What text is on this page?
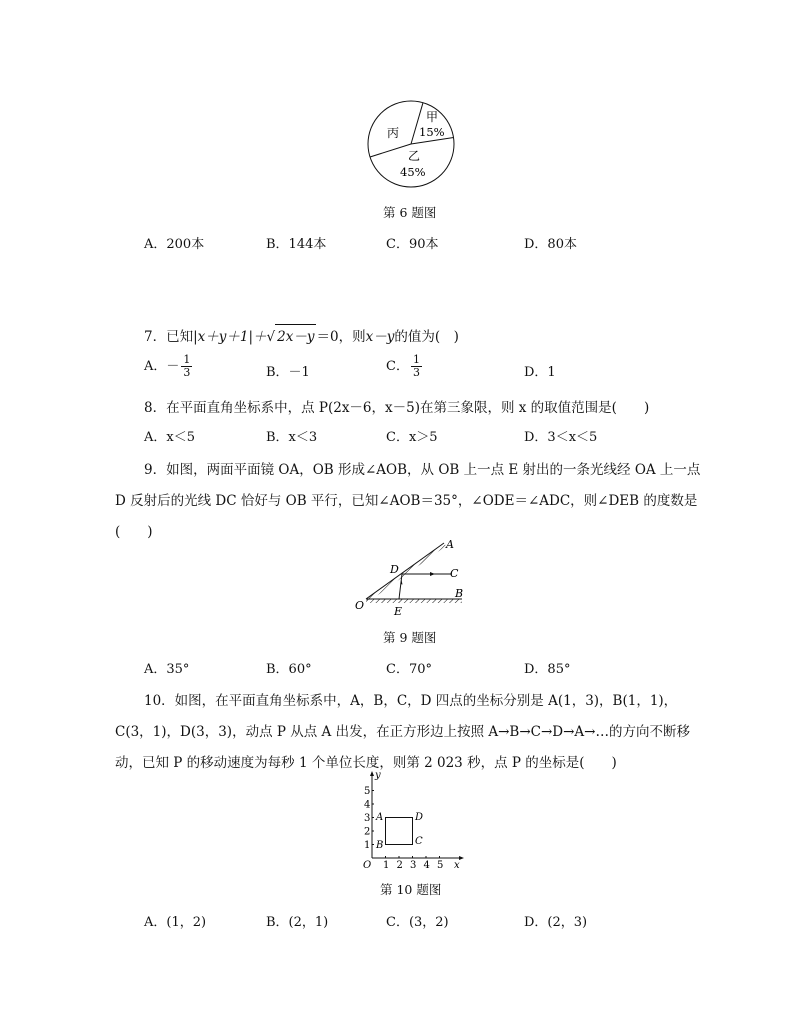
丙
甲
15%
乙
45%
第 6 题图
A．200本	B．144本	C．90本	D．80本
7．已知|x＋y＋1|＋√ 2x－y ＝0，则x－y的值为(　)
A．－ $\frac{1}{3}$	B．－1	C． $\frac{1}{3}$	D．1
8．在平面直角坐标系中，点 P(2x－6，x－5)在第三象限，则 x 的取值范围是(　　)
A．x＜5	B．x＜3	C．x＞5	D．3＜x＜5
9．如图，两面平面镜 OA，OB 形成∠AOB，从 OB 上一点 E 射出的一条光线经 OA 上一点
D 反射后的光线 DC 恰好与 OB 平行，已知∠AOB＝35°，∠ODE＝∠ADC，则∠DEB 的度数是
(　　)
A
C
D
O	E
B
第 9 题图
A．35°	B．60°	C．70°	D．85°
10．如图，在平面直角坐标系中，A，B，C，D 四点的坐标分别是 A(1，3)，B(1，1)，
C(3，1)，D(3，3)，动点 P 从点 A 出发，在正方形边上按照 A→B→C→D→A→…的方向不断移
动，已知 P 的移动速度为每秒 1 个单位长度，则第 2 023 秒，点 P 的坐标是(　　)
y
x
O 1 2 3 4 5
1
2
3
4
5
A
B	C
D
第 10 题图
A．(1，2)	B．(2，1)	C．(3，2)	D．(2，3)
